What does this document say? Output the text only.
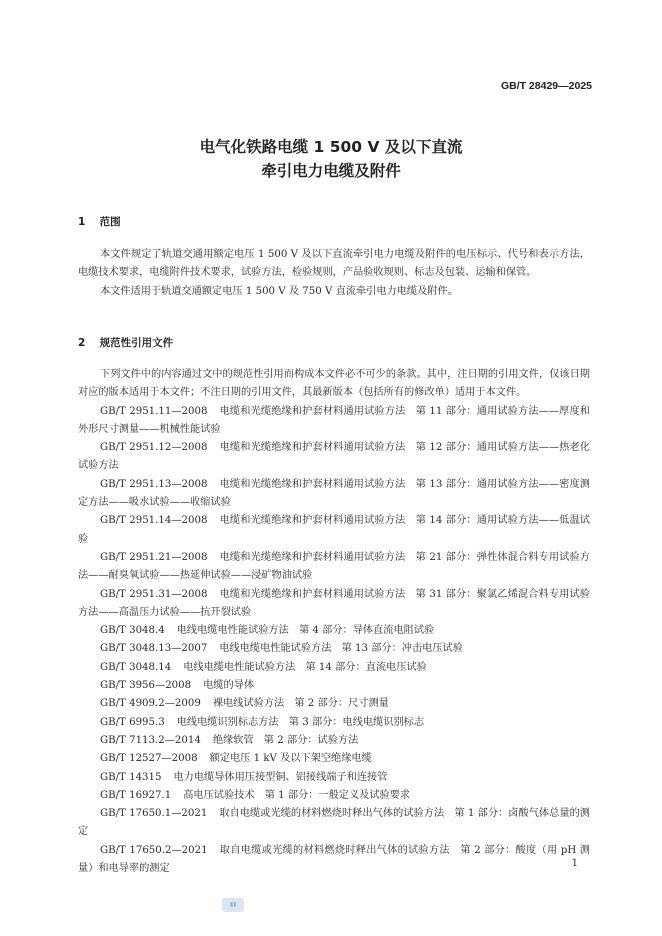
GB/T 28429—2025
电气化铁路电缆 1 500 V 及以下直流
牵引电力电缆及附件
1 范围

本文件规定了轨道交通用额定电压 1 500 V 及以下直流牵引电力电缆及附件的电压标示、代号和表示方法，电缆技术要求，电缆附件技术要求，试验方法，检验规则，产品验收规则、标志及包装、运输和保管。

本文件适用于轨道交通额定电压 1 500 V 及 750 V 直流牵引电力电缆及附件。

2 规范性引用文件

下列文件中的内容通过文中的规范性引用而构成本文件必不可少的条款。其中，注日期的引用文件，仅该日期对应的版本适用于本文件；不注日期的引用文件，其最新版本（包括所有的修改单）适用于本文件。

GB/T 2951.11—2008 电缆和光缆绝缘和护套材料通用试验方法　第 11 部分：通用试验方法——厚度和外形尺寸测量——机械性能试验

GB/T 2951.12—2008 电缆和光缆绝缘和护套材料通用试验方法　第 12 部分：通用试验方法——热老化试验方法

GB/T 2951.13—2008 电缆和光缆绝缘和护套材料通用试验方法　第 13 部分：通用试验方法——密度测定方法——吸水试验——收缩试验

GB/T 2951.14—2008 电缆和光缆绝缘和护套材料通用试验方法　第 14 部分：通用试验方法——低温试验

GB/T 2951.21—2008 电缆和光缆绝缘和护套材料通用试验方法　第 21 部分：弹性体混合料专用试验方法——耐臭氧试验——热延伸试验——浸矿物油试验

GB/T 2951.31—2008 电缆和光缆绝缘和护套材料通用试验方法　第 31 部分：聚氯乙烯混合料专用试验方法——高温压力试验——抗开裂试验

GB/T 3048.4 电线电缆电性能试验方法　第 4 部分：导体直流电阻试验

GB/T 3048.13—2007 电线电缆电性能试验方法　第 13 部分：冲击电压试验

GB/T 3048.14 电线电缆电性能试验方法　第 14 部分：直流电压试验

GB/T 3956—2008 电缆的导体

GB/T 4909.2—2009 裸电线试验方法　第 2 部分：尺寸测量

GB/T 6995.3 电线电缆识别标志方法　第 3 部分：电线电缆识别标志

GB/T 7113.2—2014 绝缘软管　第 2 部分：试验方法

GB/T 12527—2008 额定电压 1 kV 及以下架空绝缘电缆

GB/T 14315 电力电缆导体用压接型铜、铝接线端子和连接管

GB/T 16927.1 高电压试验技术　第 1 部分：一般定义及试验要求

GB/T 17650.1—2021 取自电缆或光缆的材料燃烧时释出气体的试验方法　第 1 部分：卤酸气体总量的测定

GB/T 17650.2—2021 取自电缆或光缆的材料燃烧时释出气体的试验方法　第 2 部分：酸度（用 pH 测量）和电导率的测定	1
▮▮
